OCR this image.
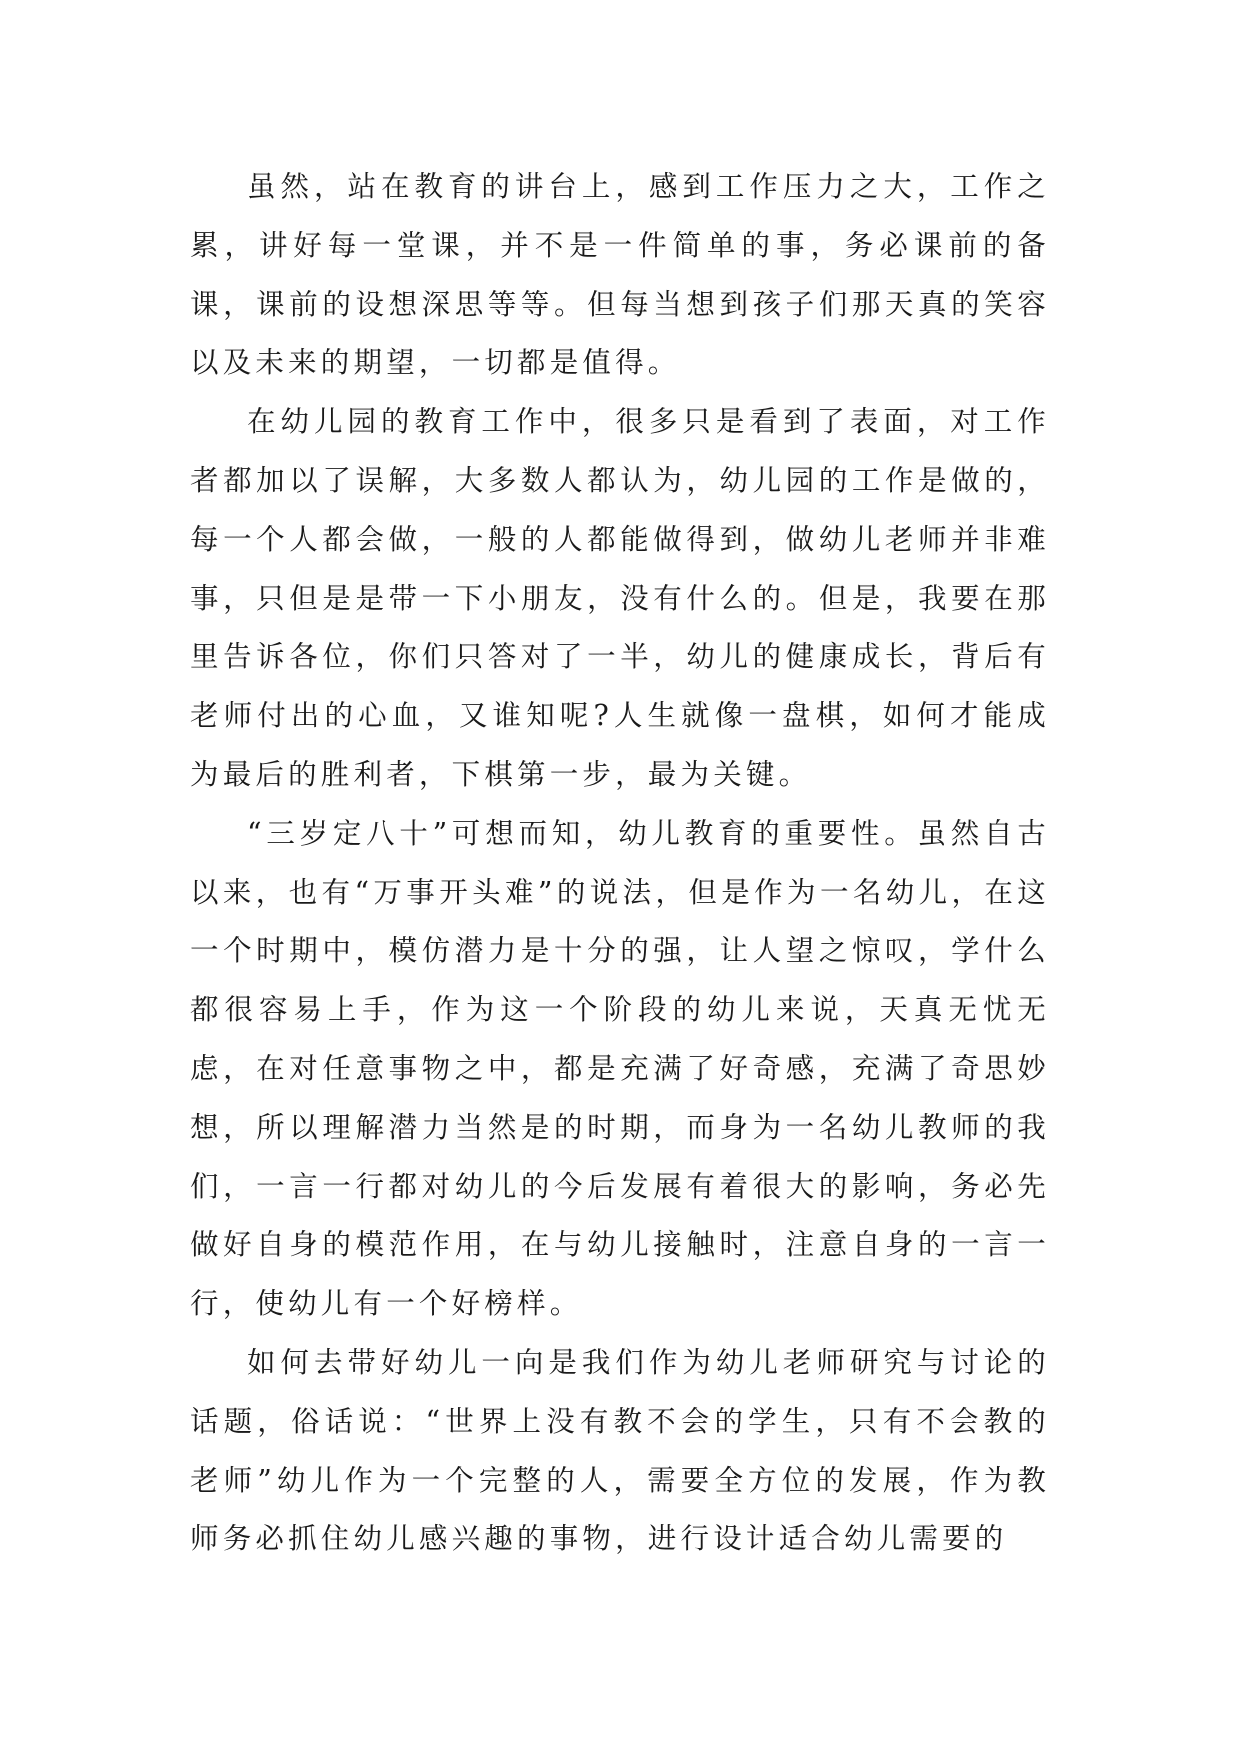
虽然，站在教育的讲台上，感到工作压力之大，工作之累，讲好每一堂课，并不是一件简单的事，务必课前的备课，课前的设想深思等等。但每当想到孩子们那天真的笑容以及未来的期望，一切都是值得。

在幼儿园的教育工作中，很多只是看到了表面，对工作者都加以了误解，大多数人都认为，幼儿园的工作是做的，每一个人都会做，一般的人都能做得到，做幼儿老师并非难事，只但是是带一下小朋友，没有什么的。但是，我要在那里告诉各位，你们只答对了一半，幼儿的健康成长，背后有老师付出的心血，又谁知呢?人生就像一盘棋，如何才能成为最后的胜利者，下棋第一步，最为关键。

“三岁定八十”可想而知，幼儿教育的重要性。虽然自古以来，也有“万事开头难”的说法，但是作为一名幼儿，在这一个时期中，模仿潜力是十分的强，让人望之惊叹，学什么都很容易上手，作为这一个阶段的幼儿来说，天真无忧无虑，在对任意事物之中，都是充满了好奇感，充满了奇思妙想，所以理解潜力当然是的时期，而身为一名幼儿教师的我们，一言一行都对幼儿的今后发展有着很大的影响，务必先做好自身的模范作用，在与幼儿接触时，注意自身的一言一行，使幼儿有一个好榜样。

如何去带好幼儿一向是我们作为幼儿老师研究与讨论的话题，俗话说：“世界上没有教不会的学生，只有不会教的老师”幼儿作为一个完整的人，需要全方位的发展，作为教师务必抓住幼儿感兴趣的事物，进行设计适合幼儿需要的
